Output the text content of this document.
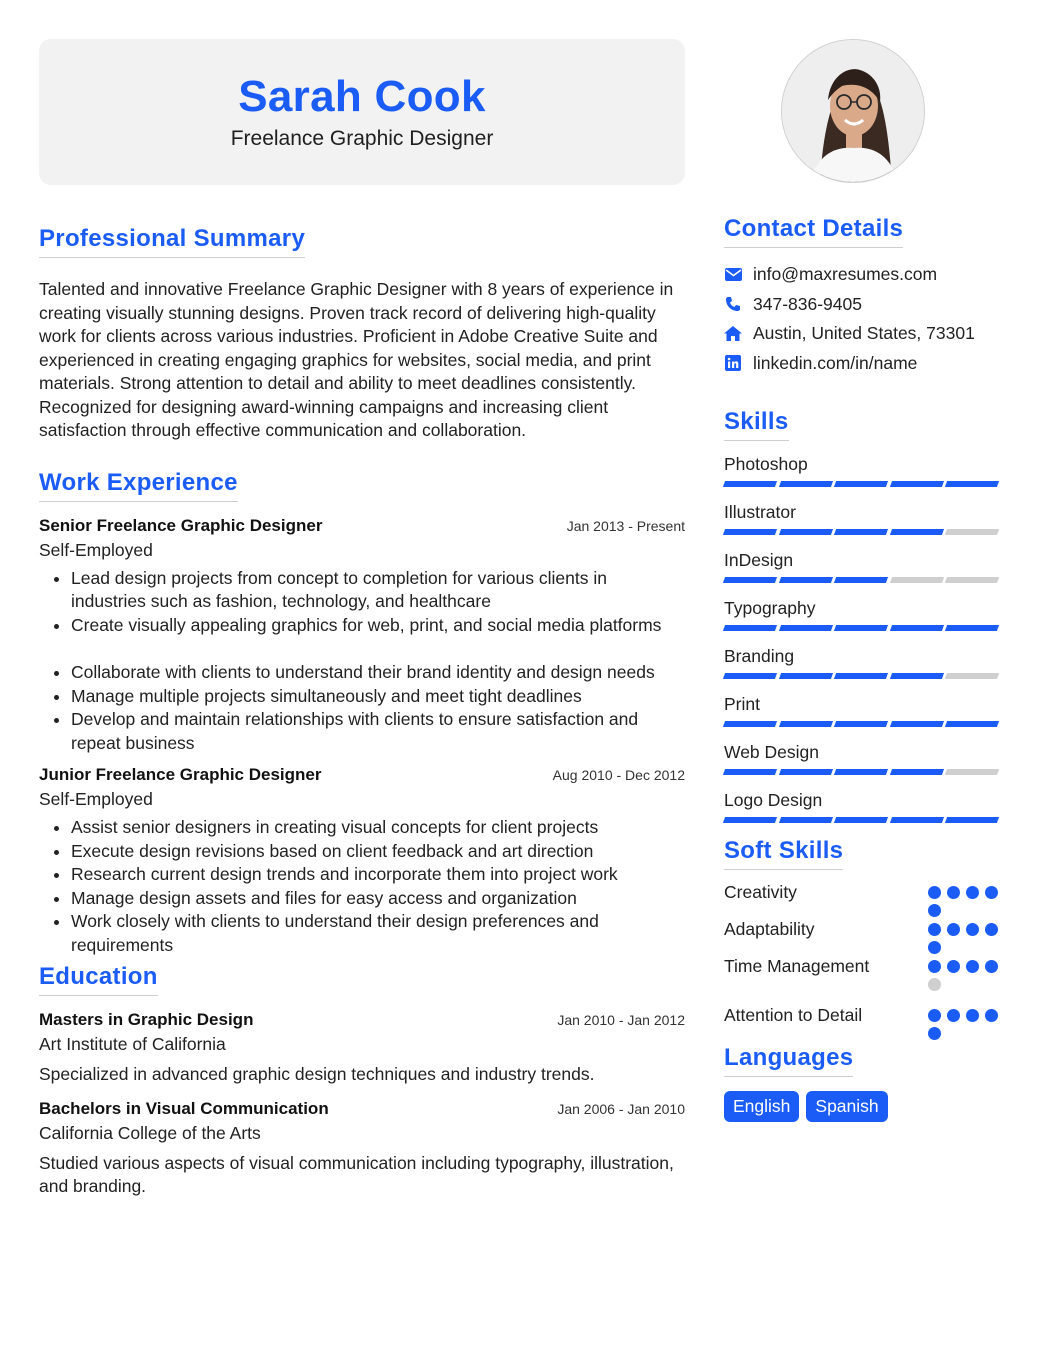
Sarah Cook
Freelance Graphic Designer
Professional Summary

Talented and innovative Freelance Graphic Designer with 8 years of experience in creating visually stunning designs. Proven track record of delivering high-quality work for clients across various industries. Proficient in Adobe Creative Suite and experienced in creating engaging graphics for websites, social media, and print materials. Strong attention to detail and ability to meet deadlines consistently. Recognized for designing award-winning campaigns and increasing client satisfaction through effective communication and collaboration.

Work Experience
Senior Freelance Graphic Designer	Jan 2013 - Present
Self-Employed
• Lead design projects from concept to completion for various clients in industries such as fashion, technology, and healthcare
• Create visually appealing graphics for web, print, and social media platforms
• Collaborate with clients to understand their brand identity and design needs
• Manage multiple projects simultaneously and meet tight deadlines
• Develop and maintain relationships with clients to ensure satisfaction and repeat business
Junior Freelance Graphic Designer	Aug 2010 - Dec 2012
Self-Employed
• Assist senior designers in creating visual concepts for client projects
• Execute design revisions based on client feedback and art direction
• Research current design trends and incorporate them into project work
• Manage design assets and files for easy access and organization
• Work closely with clients to understand their design preferences and requirements
Education
Masters in Graphic Design	Jan 2010 - Jan 2012
Art Institute of California

Specialized in advanced graphic design techniques and industry trends.

Bachelors in Visual Communication	Jan 2006 - Jan 2010
California College of the Arts

Studied various aspects of visual communication including typography, illustration, and branding.

Contact Details
info@maxresumes.com
347-836-9405
Austin, United States, 73301
linkedin.com/in/name
Skills
Photoshop
Illustrator
InDesign
Typography
Branding
Print
Web Design
Logo Design
Soft Skills
Creativity
Adaptability
Time Management
Attention to Detail
Languages
English	Spanish
